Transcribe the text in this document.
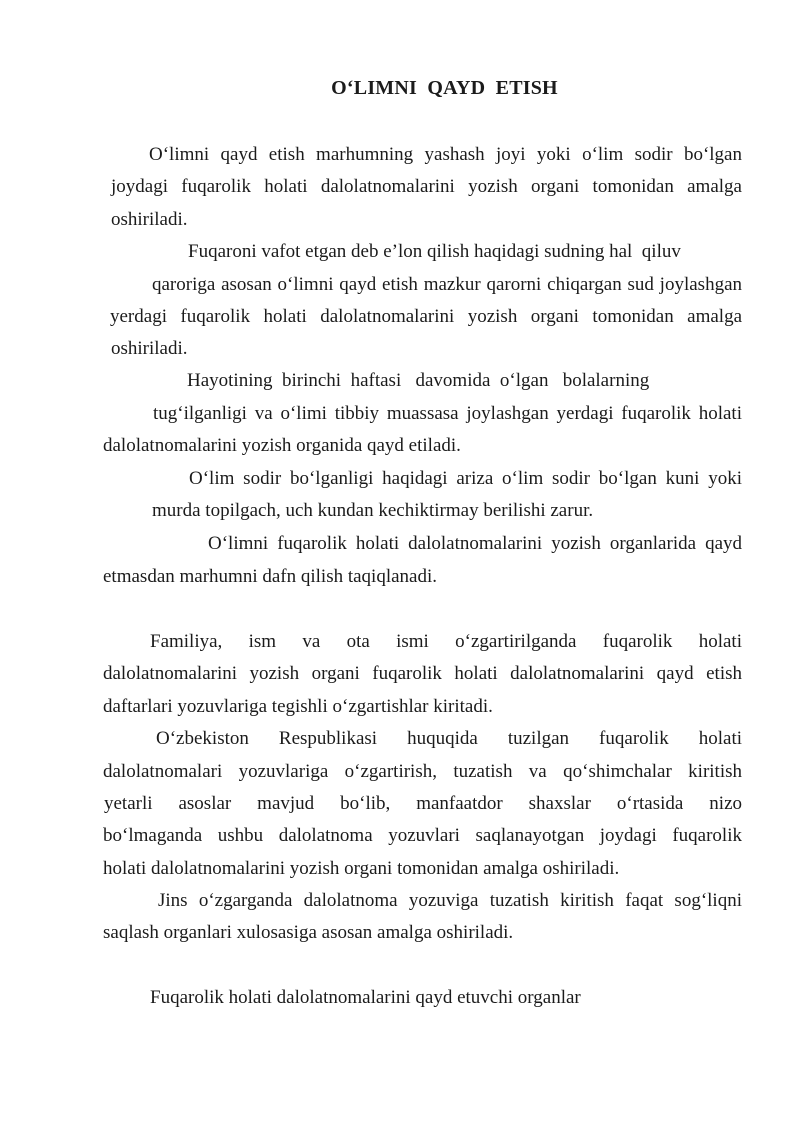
OʻLIMNI  QAYD  ETISH
Oʻlimni qayd etish marhumning yashash joyi yoki oʻlim sodir boʻlgan
joydagi fuqarolik holati dalolatnomalarini yozish organi tomonidan amalga
oshiriladi.
Fuqaroni vafot etgan deb e’lon qilish haqidagi sudning hal  qiluv
qaroriga asosan oʻlimni qayd etish mazkur qarorni chiqargan sud joylashgan
yerdagi fuqarolik holati dalolatnomalarini yozish organi tomonidan amalga
oshiriladi.
Hayotining  birinchi  haftasi   davomida  oʻlgan   bolalarning
tugʻilganligi va oʻlimi tibbiy muassasa joylashgan yerdagi fuqarolik holati
dalolatnomalarini yozish organida qayd etiladi.
Oʻlim sodir boʻlganligi haqidagi ariza oʻlim sodir boʻlgan kuni yoki
murda topilgach, uch kundan kechiktirmay berilishi zarur.
Oʻlimni fuqarolik holati dalolatnomalarini yozish organlarida qayd
etmasdan marhumni dafn qilish taqiqlanadi.
Familiya, ism va ota ismi oʻzgartirilganda fuqarolik holati
dalolatnomalarini yozish organi fuqarolik holati dalolatnomalarini qayd etish
daftarlari yozuvlariga tegishli oʻzgartishlar kiritadi.
Oʻzbekiston Respublikasi huquqida tuzilgan fuqarolik holati
dalolatnomalari yozuvlariga oʻzgartirish, tuzatish va qoʻshimchalar kiritish
yetarli asoslar mavjud boʻlib, manfaatdor shaxslar oʻrtasida nizo
boʻlmaganda ushbu dalolatnoma yozuvlari saqlanayotgan joydagi fuqarolik
holati dalolatnomalarini yozish organi tomonidan amalga oshiriladi.
Jins oʻzgarganda dalolatnoma yozuviga tuzatish kiritish faqat sogʻliqni
saqlash organlari xulosasiga asosan amalga oshiriladi.
Fuqarolik holati dalolatnomalarini qayd etuvchi organlar
